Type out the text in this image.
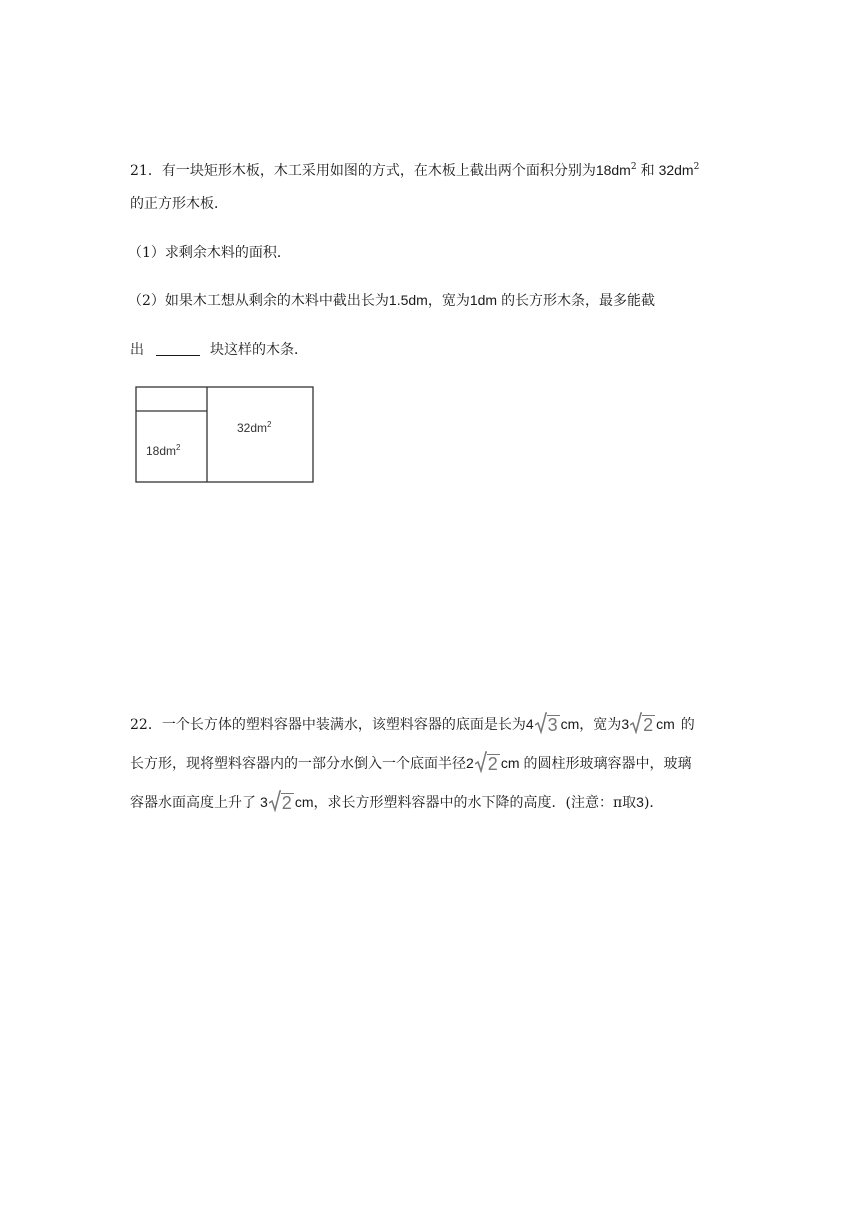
21．有一块矩形木板，木工采用如图的方式，在木板上截出两个面积分别为$18dm^2$ 和 $32dm^2$
的正方形木板．
（1）求剩余木料的面积．
（2）如果木工想从剩余的木料中截出长为1.5dm，宽为1dm 的长方形木条，最多能截
出	块这样的木条．
$18dm^2$
$32dm^2$
22．一个长方体的塑料容器中装满水，该塑料容器的底面是长为4 3 cm，宽为3 2 cm 的
长方形，现将塑料容器内的一部分水倒入一个底面半径2 2 cm 的圆柱形玻璃容器中，玻璃
容器水面高度上升了 3 2 cm，求长方形塑料容器中的水下降的高度．(注意：π取3)．
